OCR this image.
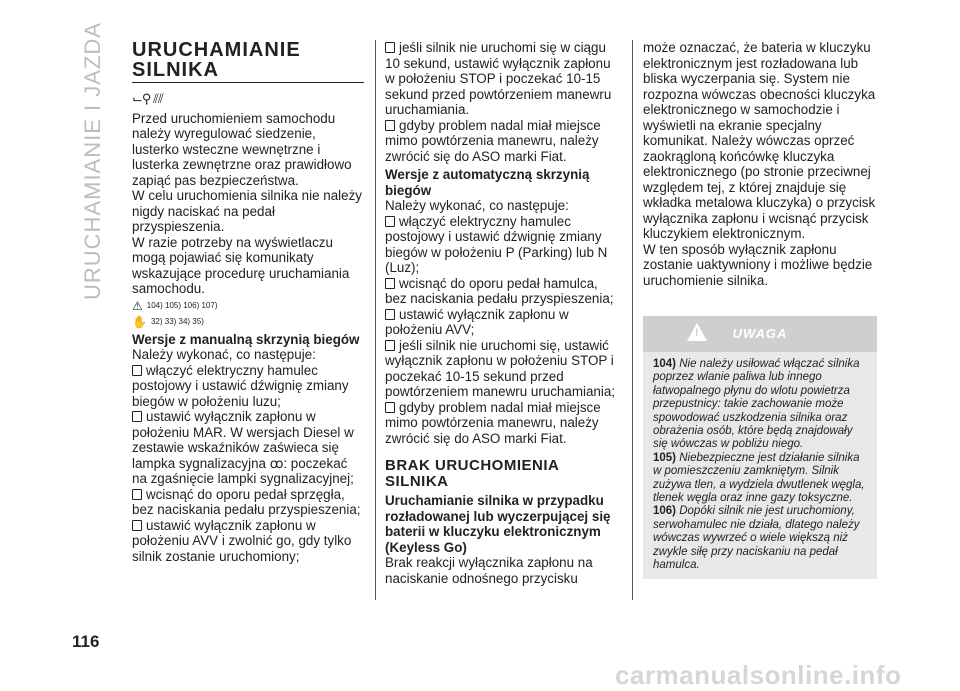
URUCHAMIANIE I JAZDA
116
carmanualsonline.info
URUCHAMIANIE SILNIKA
⌙⚲ ⫽⫽

Przed uruchomieniem samochodu należy wyregulować siedzenie, lusterko wsteczne wewnętrzne i lusterka zewnętrzne oraz prawidłowo zapiąć pas bezpieczeństwa.

W celu uruchomienia silnika nie należy nigdy naciskać na pedał przyspieszenia.

W razie potrzeby na wyświetlaczu mogą pojawiać się komunikaty wskazujące procedurę uruchamiania samochodu.

⚠ 104) 105) 106) 107)
✋ 32) 33) 34) 35)
Wersje z manualną skrzynią biegów

Należy wykonać, co następuje:

włączyć elektryczny hamulec postojowy i ustawić dźwignię zmiany biegów w położeniu luzu;

ustawić wyłącznik zapłonu w położeniu MAR. W wersjach Diesel w zestawie wskaźników zaświeca się lampka sygnalizacyjna ꝏ: poczekać na zgaśnięcie lampki sygnalizacyjnej;

wcisnąć do oporu pedał sprzęgła, bez naciskania pedału przyspieszenia;

ustawić wyłącznik zapłonu w położeniu AVV i zwolnić go, gdy tylko silnik zostanie uruchomiony;

jeśli silnik nie uruchomi się w ciągu 10 sekund, ustawić wyłącznik zapłonu w położeniu STOP i poczekać 10-15 sekund przed powtórzeniem manewru uruchamiania.

gdyby problem nadal miał miejsce mimo powtórzenia manewru, należy zwrócić się do ASO marki Fiat.

Wersje z automatyczną skrzynią biegów

Należy wykonać, co następuje:

włączyć elektryczny hamulec postojowy i ustawić dźwignię zmiany biegów w położeniu P (Parking) lub N (Luz);

wcisnąć do oporu pedał hamulca, bez naciskania pedału przyspieszenia;

ustawić wyłącznik zapłonu w położeniu AVV;

jeśli silnik nie uruchomi się, ustawić wyłącznik zapłonu w położeniu STOP i poczekać 10-15 sekund przed powtórzeniem manewru uruchamiania;

gdyby problem nadal miał miejsce mimo powtórzenia manewru, należy zwrócić się do ASO marki Fiat.

BRAK URUCHOMIENIA SILNIKA
Uruchamianie silnika w przypadku rozładowanej lub wyczerpującej się baterii w kluczyku elektronicznym (Keyless Go)

Brak reakcji wyłącznika zapłonu na naciskanie odnośnego przycisku

może oznaczać, że bateria w kluczyku elektronicznym jest rozładowana lub bliska wyczerpania się. System nie rozpozna wówczas obecności kluczyka elektronicznego w samochodzie i wyświetli na ekranie specjalny komunikat. Należy wówczas oprzeć zaokrągloną końcówkę kluczyka elektronicznego (po stronie przeciwnej względem tej, z której znajduje się wkładka metalowa kluczyka) o przycisk wyłącznika zapłonu i wcisnąć przycisk kluczykiem elektronicznym.

W ten sposób wyłącznik zapłonu zostanie uaktywniony i możliwe będzie uruchomienie silnika.

!	UWAGA

104) Nie należy usiłować włączać silnika poprzez wlanie paliwa lub innego łatwopalnego płynu do wlotu powietrza przepustnicy: takie zachowanie może spowodować uszkodzenia silnika oraz obrażenia osób, które będą znajdowały się wówczas w pobliżu niego.

105) Niebezpieczne jest działanie silnika w pomieszczeniu zamkniętym. Silnik zużywa tlen, a wydziela dwutlenek węgla, tlenek węgla oraz inne gazy toksyczne.

106) Dopóki silnik nie jest uruchomiony, serwohamulec nie działa, dlatego należy wówczas wywrzeć o wiele większą niż zwykle siłę przy naciskaniu na pedał hamulca.
